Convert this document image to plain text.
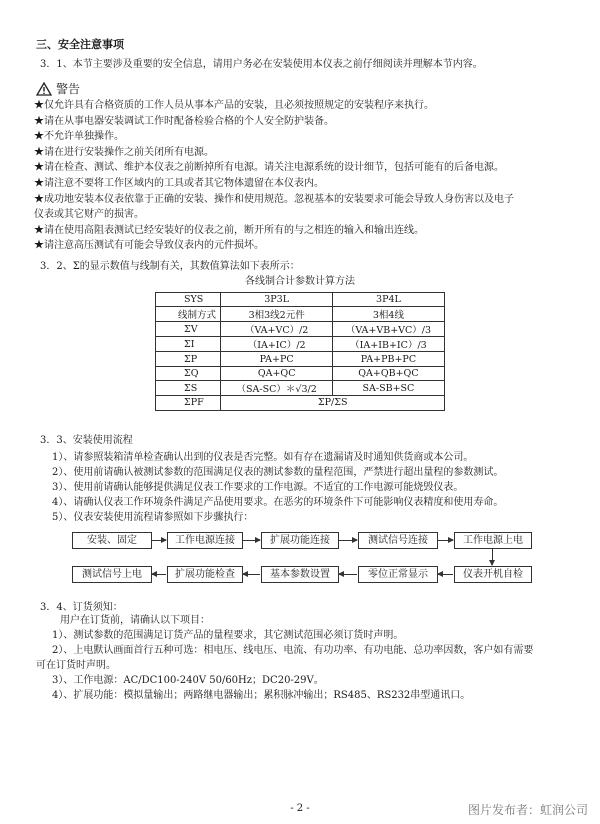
三、安全注意事项
3．1、本节主要涉及重要的安全信息，请用户务必在安装使用本仪表之前仔细阅读并理解本节内容。
警告
★仅允许具有合格资质的工作人员从事本产品的安装，且必须按照规定的安装程序来执行。
★请在从事电器安装调试工作时配备检验合格的个人安全防护装备。
★不允许单独操作。
★请在进行安装操作之前关闭所有电源。
★请在检查、测试、维护本仪表之前断掉所有电源。请关注电源系统的设计细节，包括可能有的后备电源。
★请注意不要将工作区域内的工具或者其它物体遗留在本仪表内。
★成功地安装本仪表依靠于正确的安装、操作和使用规范。忽视基本的安装要求可能会导致人身伤害以及电子
仪表或其它财产的损害。
★请在使用高阻表测试已经安装好的仪表之前，断开所有的与之相连的输入和输出连线。
★请注意高压测试有可能会导致仪表内的元件损坏。
3．2、Σ的显示数值与线制有关，其数值算法如下表所示：
各线制合计参数计算方法
SYS	3P3L	3P4L
线制方式	3相3线2元件	3相4线
ΣV	（VA+VC）/2	（VA+VB+VC）/3
ΣI	（IA+IC）/2	（IA+IB+IC）/3
ΣP	PA+PC	PA+PB+PC
ΣQ	QA+QC	QA+QB+QC
ΣS	（SA-SC）＊√3/2	SA-SB+SC
ΣPF	ΣP/ΣS	
3．3、安装使用流程
1）、请参照装箱清单检查确认出到的仪表是否完整。如有存在遗漏请及时通知供货商或本公司。
2）、使用前请确认被测试参数的范围满足仪表的测试参数的量程范围，严禁进行超出量程的参数测试。
3）、使用前请确认能够提供满足仪表工作要求的工作电源。不适宜的工作电源可能烧毁仪表。
4）、请确认仪表工作环境条件满足产品使用要求。在恶劣的环境条件下可能影响仪表精度和使用寿命。
5）、仪表安装使用流程请参照如下步骤执行：
安装、固定	工作电源连接	扩展功能连接	测试信号连接	工作电源上电
测试信号上电	扩展功能检查	基本参数设置	零位正常显示	仪表开机自检
3．4、订货须知：
用户在订货前，请确认以下项目：
1）、测试参数的范围满足订货产品的量程要求，其它测试范围必须订货时声明。
2）、上电默认画面首行五种可选：相电压、线电压、电流、有功功率、有功电能、总功率因数，客户如有需要
可在订货时声明。
3）、工作电源：AC/DC100-240V 50/60Hz；DC20-29V。
4）、扩展功能：模拟量输出；两路继电器输出；累积脉冲输出；RS485、RS232串型通讯口。
- 2 -	图片发布者：虹润公司
